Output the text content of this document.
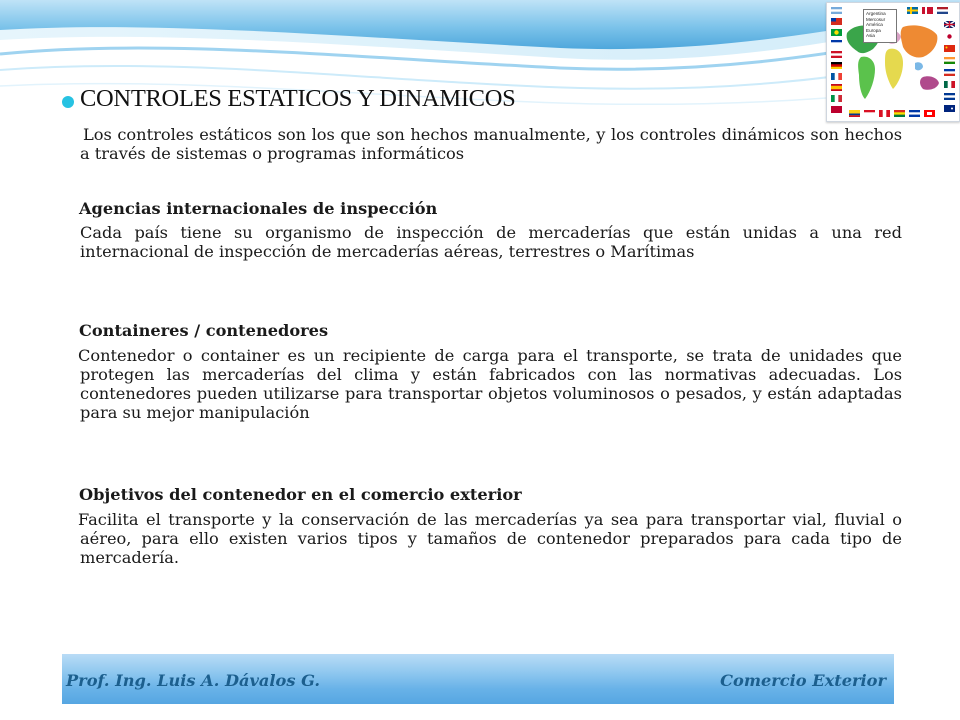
Argentina
Mercosur
América
Europa
Asia
CONTROLES ESTATICOS Y DINAMICOS
Los controles estáticos son los que son hechos manualmente, y los controles dinámicos son hechos a través de sistemas o programas informáticos
Agencias internacionales de inspección
Cada país tiene su organismo de inspección de mercaderías que están unidas a una red internacional de inspección de mercaderías aéreas, terrestres o Marítimas
Containeres / contenedores
Contenedor o container es un recipiente de carga para el transporte, se trata de unidades que protegen las mercaderías del clima y están fabricados con las normativas adecuadas. Los contenedores pueden utilizarse para transportar objetos voluminosos o pesados, y están adaptadas para su mejor manipulación
Objetivos del contenedor en el comercio exterior
Facilita el transporte y la conservación de las mercaderías ya sea para transportar vial, fluvial o aéreo, para ello existen varios tipos y tamaños de contenedor preparados para cada tipo de mercadería.
Prof. Ing. Luis A. Dávalos G.	Comercio Exterior
